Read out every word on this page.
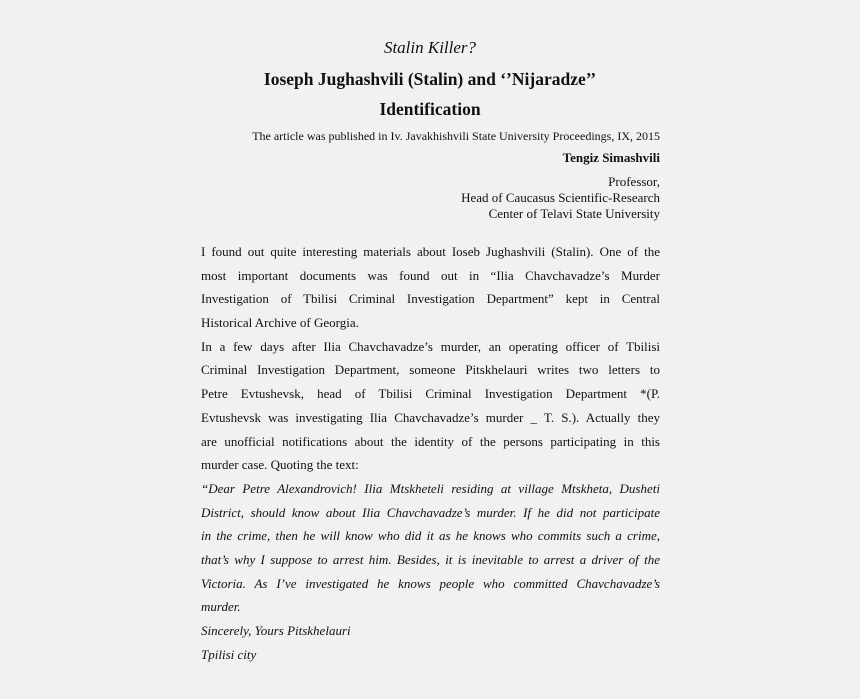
Stalin Killer?
Ioseph Jughashvili (Stalin) and ‘’Nijaradze’’
Identification
The article was published in Iv. Javakhishvili State University Proceedings, IX, 2015
Tengiz Simashvili
Professor,
Head of Caucasus Scientific-Research
Center of Telavi State University
I found out quite interesting materials about Ioseb Jughashvili (Stalin). One of the
most important documents was found out in “Ilia Chavchavadze’s Murder
Investigation of Tbilisi Criminal Investigation Department” kept in Central
Historical Archive of Georgia.
In a few days after Ilia Chavchavadze’s murder, an operating officer of Tbilisi
Criminal Investigation Department, someone Pitskhelauri writes two letters to
Petre Evtushevsk, head of Tbilisi Criminal Investigation Department *(P.
Evtushevsk was investigating Ilia Chavchavadze’s murder _ T. S.). Actually they
are unofficial notifications about the identity of the persons participating in this
murder case. Quoting the text:
“Dear Petre Alexandrovich! Ilia Mtskheteli residing at village Mtskheta, Dusheti
District, should know about Ilia Chavchavadze’s murder. If he did not participate
in the crime, then he will know who did it as he knows who commits such a crime,
that’s why I suppose to arrest him. Besides, it is inevitable to arrest a driver of the
Victoria. As I’ve investigated he knows people who committed Chavchavadze’s
murder.
Sincerely, Yours Pitskhelauri
Tpilisi city
